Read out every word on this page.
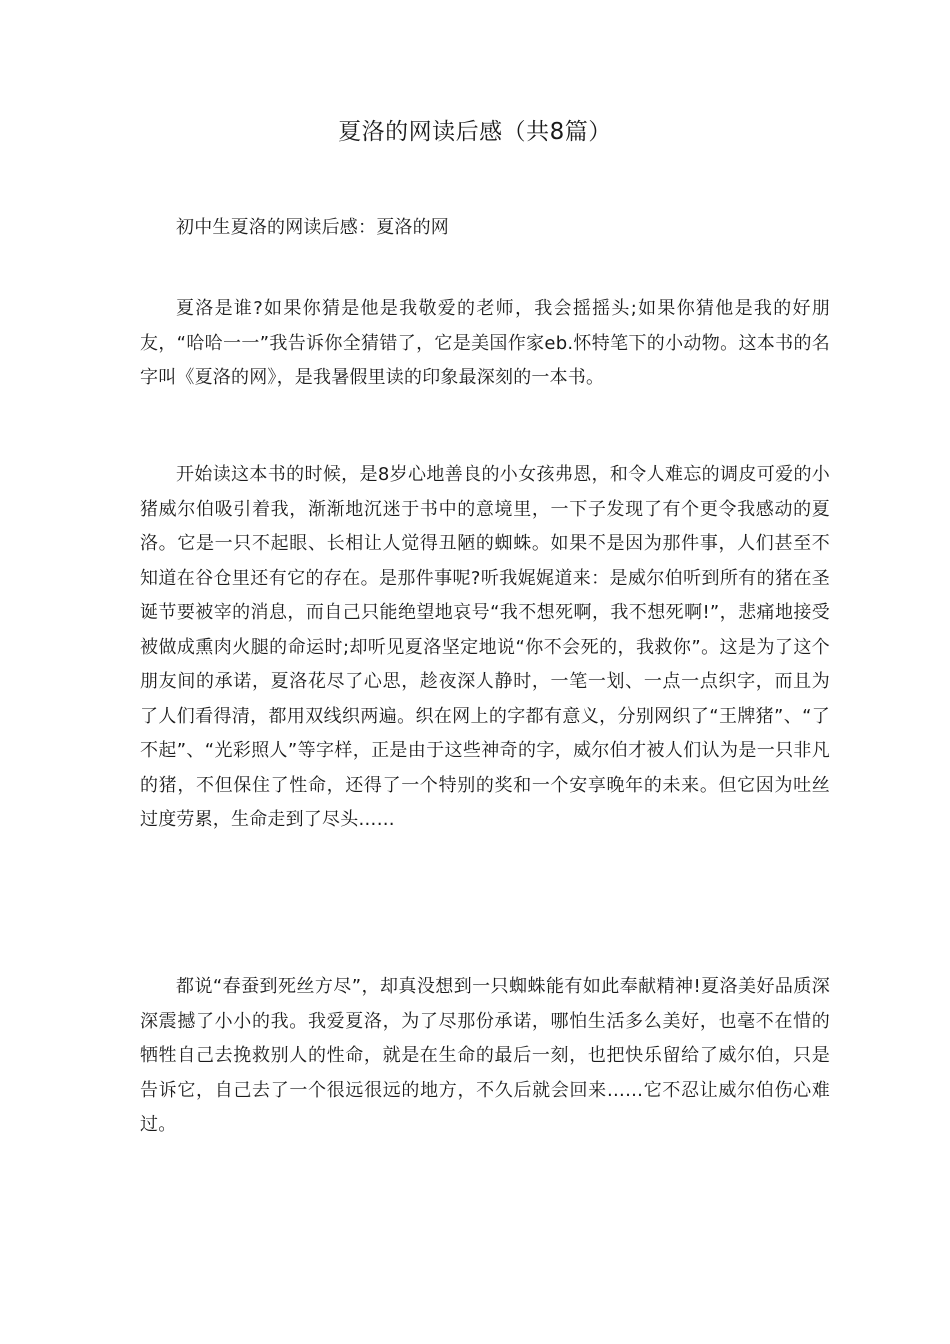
夏洛的网读后感（共8篇）

初中生夏洛的网读后感：夏洛的网

夏洛是谁?如果你猜是他是我敬爱的老师，我会摇摇头;如果你猜他是我的好朋友，“哈哈一一”我告诉你全猜错了，它是美国作家eb.怀特笔下的小动物。这本书的名字叫《夏洛的网》，是我暑假里读的印象最深刻的一本书。

开始读这本书的时候，是8岁心地善良的小女孩弗恩，和令人难忘的调皮可爱的小猪威尔伯吸引着我，渐渐地沉迷于书中的意境里，一下子发现了有个更令我感动的夏洛。它是一只不起眼、长相让人觉得丑陋的蜘蛛。如果不是因为那件事，人们甚至不知道在谷仓里还有它的存在。是那件事呢?听我娓娓道来：是威尔伯听到所有的猪在圣诞节要被宰的消息，而自己只能绝望地哀号“我不想死啊，我不想死啊!”，悲痛地接受被做成熏肉火腿的命运时;却听见夏洛坚定地说“你不会死的，我救你”。这是为了这个朋友间的承诺，夏洛花尽了心思，趁夜深人静时，一笔一划、一点一点织字，而且为了人们看得清，都用双线织两遍。织在网上的字都有意义，分别网织了“王牌猪”、“了不起”、“光彩照人”等字样，正是由于这些神奇的字，威尔伯才被人们认为是一只非凡的猪，不但保住了性命，还得了一个特别的奖和一个安享晚年的未来。但它因为吐丝过度劳累，生命走到了尽头……

都说“春蚕到死丝方尽”，却真没想到一只蜘蛛能有如此奉献精神!夏洛美好品质深深震撼了小小的我。我爱夏洛，为了尽那份承诺，哪怕生活多么美好，也毫不在惜的牺牲自己去挽救别人的性命，就是在生命的最后一刻，也把快乐留给了威尔伯，只是告诉它，自己去了一个很远很远的地方，不久后就会回来……它不忍让威尔伯伤心难过。
